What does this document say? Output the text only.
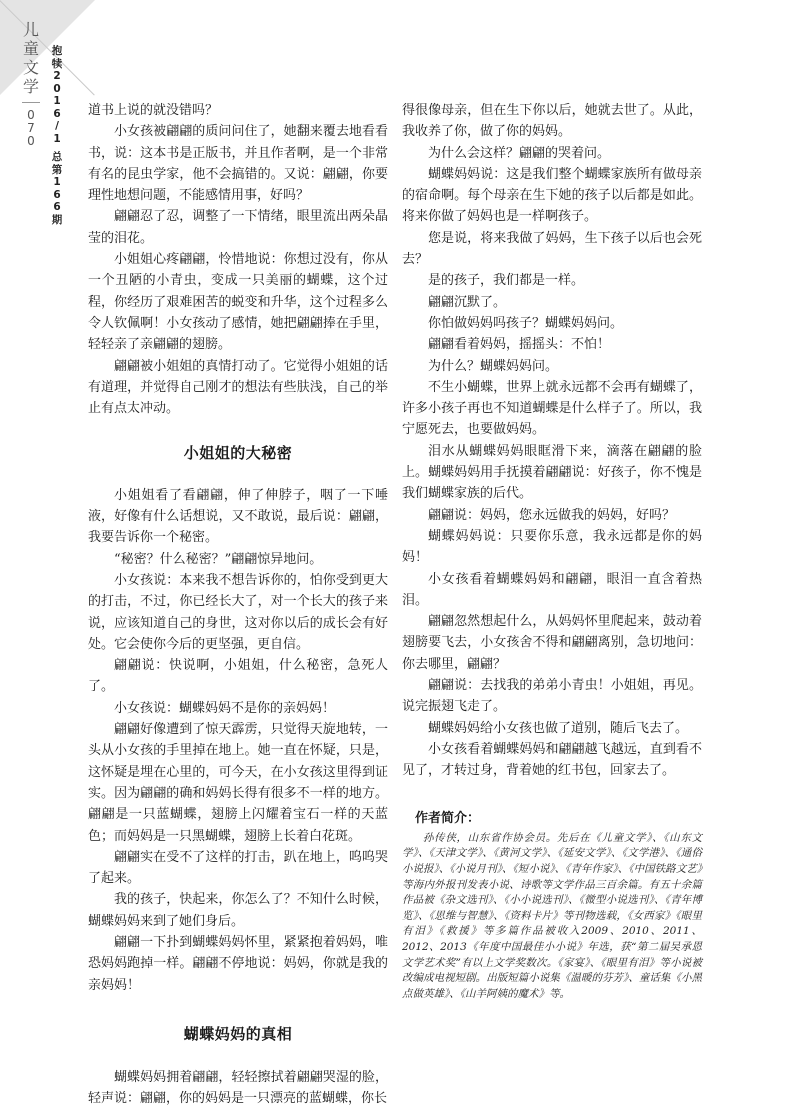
儿
童
文
学
0
7
0
抱
犊
2
0
1
6
/
1
总
第
1
6
6
期

道书上说的就没错吗？

小女孩被翩翩的质问问住了，她翻来覆去地看看书，说：这本书是正版书，并且作者啊，是一个非常有名的昆虫学家，他不会搞错的。又说：翩翩，你要理性地想问题，不能感情用事，好吗？

翩翩忍了忍，调整了一下情绪，眼里流出两朵晶莹的泪花。

小姐姐心疼翩翩，怜惜地说：你想过没有，你从一个丑陋的小青虫，变成一只美丽的蝴蝶，这个过程，你经历了艰难困苦的蜕变和升华，这个过程多么令人钦佩啊！小女孩动了感情，她把翩翩捧在手里，轻轻亲了亲翩翩的翅膀。

翩翩被小姐姐的真情打动了。它觉得小姐姐的话有道理，并觉得自己刚才的想法有些肤浅，自己的举止有点太冲动。

小姐姐的大秘密

小姐姐看了看翩翩，伸了伸脖子，咽了一下唾液，好像有什么话想说，又不敢说，最后说：翩翩，我要告诉你一个秘密。

“秘密？什么秘密？”翩翩惊异地问。

小女孩说：本来我不想告诉你的，怕你受到更大的打击，不过，你已经长大了，对一个长大的孩子来说，应该知道自己的身世，这对你以后的成长会有好处。它会使你今后的更坚强，更自信。

翩翩说：快说啊，小姐姐，什么秘密，急死人了。

小女孩说：蝴蝶妈妈不是你的亲妈妈！

翩翩好像遭到了惊天霹雳，只觉得天旋地转，一头从小女孩的手里掉在地上。她一直在怀疑，只是，这怀疑是埋在心里的，可今天，在小女孩这里得到证实。因为翩翩的确和妈妈长得有很多不一样的地方。翩翩是一只蓝蝴蝶，翅膀上闪耀着宝石一样的天蓝色；而妈妈是一只黑蝴蝶，翅膀上长着白花斑。

翩翩实在受不了这样的打击，趴在地上，呜呜哭了起来。

我的孩子，快起来，你怎么了？不知什么时候，蝴蝶妈妈来到了她们身后。

翩翩一下扑到蝴蝶妈妈怀里，紧紧抱着妈妈，唯恐妈妈跑掉一样。翩翩不停地说：妈妈，你就是我的亲妈妈！

蝴蝶妈妈的真相

蝴蝶妈妈拥着翩翩，轻轻擦拭着翩翩哭湿的脸，轻声说：翩翩，你的妈妈是一只漂亮的蓝蝴蝶，你长

得很像母亲，但在生下你以后，她就去世了。从此，我收养了你，做了你的妈妈。

为什么会这样？翩翩的哭着问。

蝴蝶妈妈说：这是我们整个蝴蝶家族所有做母亲的宿命啊。每个母亲在生下她的孩子以后都是如此。将来你做了妈妈也是一样啊孩子。

您是说，将来我做了妈妈，生下孩子以后也会死去？

是的孩子，我们都是一样。

翩翩沉默了。

你怕做妈妈吗孩子？蝴蝶妈妈问。

翩翩看着妈妈，摇摇头：不怕！

为什么？蝴蝶妈妈问。

不生小蝴蝶，世界上就永远都不会再有蝴蝶了，许多小孩子再也不知道蝴蝶是什么样子了。所以，我宁愿死去，也要做妈妈。

泪水从蝴蝶妈妈眼眶滑下来，滴落在翩翩的脸上。蝴蝶妈妈用手抚摸着翩翩说：好孩子，你不愧是我们蝴蝶家族的后代。

翩翩说：妈妈，您永远做我的妈妈，好吗？

蝴蝶妈妈说：只要你乐意，我永远都是你的妈妈！

小女孩看着蝴蝶妈妈和翩翩，眼泪一直含着热泪。

翩翩忽然想起什么，从妈妈怀里爬起来，鼓动着翅膀要飞去，小女孩舍不得和翩翩离别，急切地问：你去哪里，翩翩？

翩翩说：去找我的弟弟小青虫！小姐姐，再见。说完振翅飞走了。

蝴蝶妈妈给小女孩也做了道别，随后飞去了。

小女孩看着蝴蝶妈妈和翩翩越飞越远，直到看不见了，才转过身，背着她的红书包，回家去了。

作者简介：

孙传侠，山东省作协会员。先后在《儿童文学》、《山东文学》、《天津文学》、《黄河文学》、《延安文学》、《文学港》、《通俗小说报》、《小说月刊》、《短小说》、《青年作家》、《中国铁路文艺》等海内外报刊发表小说、诗歌等文学作品三百余篇。有五十余篇作品被《杂文选刊》、《小小说选刊》、《微型小说选刊》、《青年博览》、《思维与智慧》、《资料卡片》等刊物选载，《女西家》《眼里有泪》《救援》等多篇作品被收入2009、2010、2011、2012、2013《年度中国最佳小小说》年选，获“第二届吴承恩文学艺术奖”有以上文学奖数次。《家宴》、《眼里有泪》等小说被改编成电视短剧。出版短篇小说集《温暖的芬芳》、童话集《小黑点做英雄》、《山羊阿姨的魔术》等。
